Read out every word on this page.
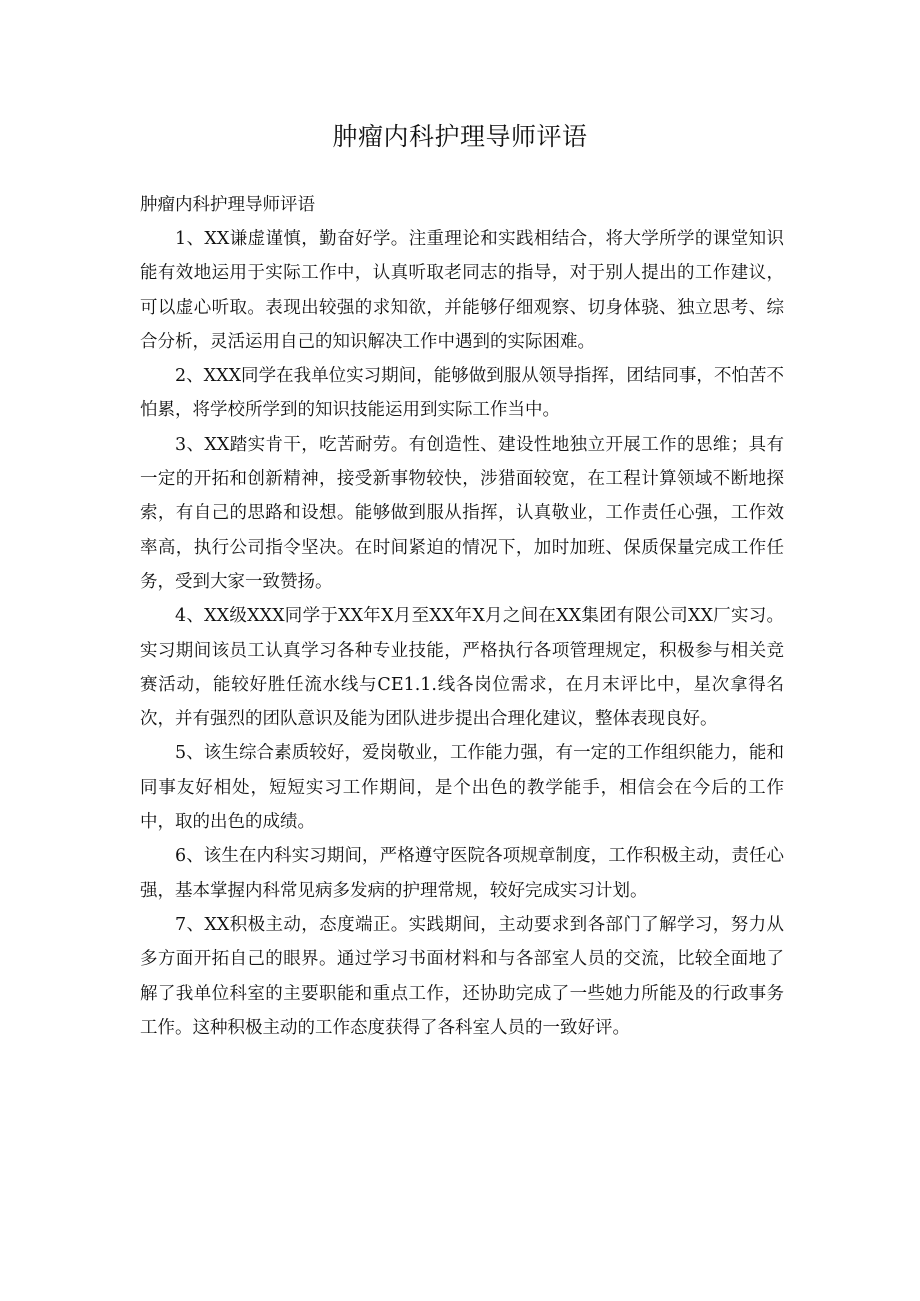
肿瘤内科护理导师评语

肿瘤内科护理导师评语

1、XX谦虚谨慎，勤奋好学。注重理论和实践相结合，将大学所学的课堂知识能有效地运用于实际工作中，认真听取老同志的指导，对于别人提出的工作建议，可以虚心听取。表现出较强的求知欲，并能够仔细观察、切身体骁、独立思考、综合分析，灵活运用自己的知识解决工作中遇到的实际困难。

2、XXX同学在我单位实习期间，能够做到服从领导指挥，团结同事，不怕苦不怕累，将学校所学到的知识技能运用到实际工作当中。

3、XX踏实肯干，吃苦耐劳。有创造性、建设性地独立开展工作的思维；具有一定的开拓和创新精神，接受新事物较快，涉猎面较宽，在工程计算领域不断地探索，有自己的思路和设想。能够做到服从指挥，认真敬业，工作责任心强，工作效率高，执行公司指令坚决。在时间紧迫的情况下，加时加班、保质保量完成工作任务，受到大家一致赞扬。

4、XX级XXX同学于XX年X月至XX年X月之间在XX集团有限公司XX厂实习。实习期间该员工认真学习各种专业技能，严格执行各项管理规定，积极参与相关竞赛活动，能较好胜任流水线与CE1.1.线各岗位需求，在月末评比中，星次拿得名次，并有强烈的团队意识及能为团队进步提出合理化建议，整体表现良好。

5、该生综合素质较好，爱岗敬业，工作能力强，有一定的工作组织能力，能和同事友好相处，短短实习工作期间，是个出色的教学能手，相信会在今后的工作中，取的出色的成绩。

6、该生在内科实习期间，严格遵守医院各项规章制度，工作积极主动，责任心强，基本掌握内科常见病多发病的护理常规，较好完成实习计划。

7、XX积极主动，态度端正。实践期间，主动要求到各部门了解学习，努力从多方面开拓自己的眼界。通过学习书面材料和与各部室人员的交流，比较全面地了解了我单位科室的主要职能和重点工作，还协助完成了一些她力所能及的行政事务工作。这种积极主动的工作态度获得了各科室人员的一致好评。
